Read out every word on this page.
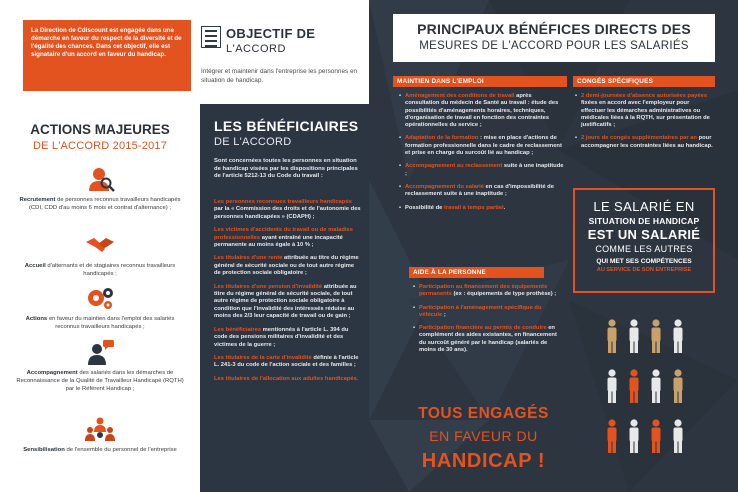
La Direction de Cdiscount est engagée dans une démarche en faveur du respect de la diversité et de l'égalité des chances. Dans cet objectif, elle est signataire d'un accord en faveur du handicap.
OBJECTIF DE
L'ACCORD
Intégrer et maintenir dans l'entreprise les personnes en situation de handicap.
ACTIONS MAJEURES
DE L'ACCORD 2015-2017
Recrutement de personnes reconnus travailleurs handicapés (CDI, CDD d'au moins 6 mois et contrat d'alternance) ;
Accueil d'alternants et de stagiaires reconnus travailleurs handicapés ;
Actions en faveur du maintien dans l'emploi des salariés reconnus travailleurs handicapés ;
Accompagnement des salariés dans les démarches de Reconnaissance de la Qualité de Travailleur Handicapé (RQTH) par le Référent Handicap ;
Sensibilisation de l'ensemble du personnel de l'entreprise
LES BÉNÉFICIAIRES
DE L'ACCORD
Sont concernées toutes les personnes en situation de handicap visées par les dispositions principales de l'article 5212-13 du Code du travail :
Les personnes reconnues travailleurs handicapés par la « Commission des droits et de l'autonomie des personnes handicapées » (CDAPH) ;
Les victimes d'accidents du travail ou de maladies professionnelles ayant entraîné une incapacité permanente au moins égale à 10 % ;
Les titulaires d'une rente attribuée au titre du régime général de sécurité sociale ou de tout autre régime de protection sociale obligatoire ;
Les titulaires d'une pension d'invalidité attribuée au titre du régime général de sécurité sociale, de tout autre régime de protection sociale obligatoire à condition que l'invalidité des intéressés réduise au moins des 2/3 leur capacité de travail ou de gain ;
Les bénéficiaires mentionnés à l'article L. 394 du code des pensions militaires d'invalidité et des victimes de la guerre ;
Les titulaires de la carte d'invalidité définie à l'article L. 241-3 du code de l'action sociale et des familles ;
Les titulaires de l'allocation aux adultes handicapés.
PRINCIPAUX BÉNÉFICES DIRECTS DES
MESURES DE L'ACCORD POUR LES SALARIÉS
MAINTIEN DANS L'EMPLOI
• Aménagement des conditions de travail après consultation du médecin de Santé au travail : étude des possibilités d'aménagements horaires, techniques, d'organisation de travail en fonction des contraintes opérationnelles du service ;
• Adaptation de la formation : mise en place d'actions de formation professionnelle dans le cadre de reclassement et prise en charge du surcoût lié au handicap ;
• Accompagnement au reclassement suite à une inaptitude ;
• Accompagnement du salarié en cas d'impossibilité de reclassement suite à une inaptitude ;
• Possibilité de travail à temps partiel.
CONGÉS SPÉCIFIQUES
• 2 demi-journées d'absence autorisées payées fixées en accord avec l'employeur pour effectuer les démarches administratives ou médicales liées à la RQTH, sur présentation de justificatifs ;
• 2 jours de congés supplémentaires par an pour accompagner les contraintes liées au handicap.
AIDE À LA PERSONNE
• Participation au financement des équipements permanents (ex : équipements de type prothèse) ;
• Participation à l'aménagement spécifique du véhicule ;
• Participation financière au permis de conduire en complément des aides existantes, en financement du surcoût généré par le handicap (salariés de moins de 30 ans).
LE SALARIÉ EN
SITUATION DE HANDICAP
EST UN SALARIÉ
COMME LES AUTRES
QUI MET SES COMPÉTENCES
AU SERVICE DE SON ENTREPRISE
TOUS ENGAGÉS
EN FAVEUR DU
HANDICAP !
